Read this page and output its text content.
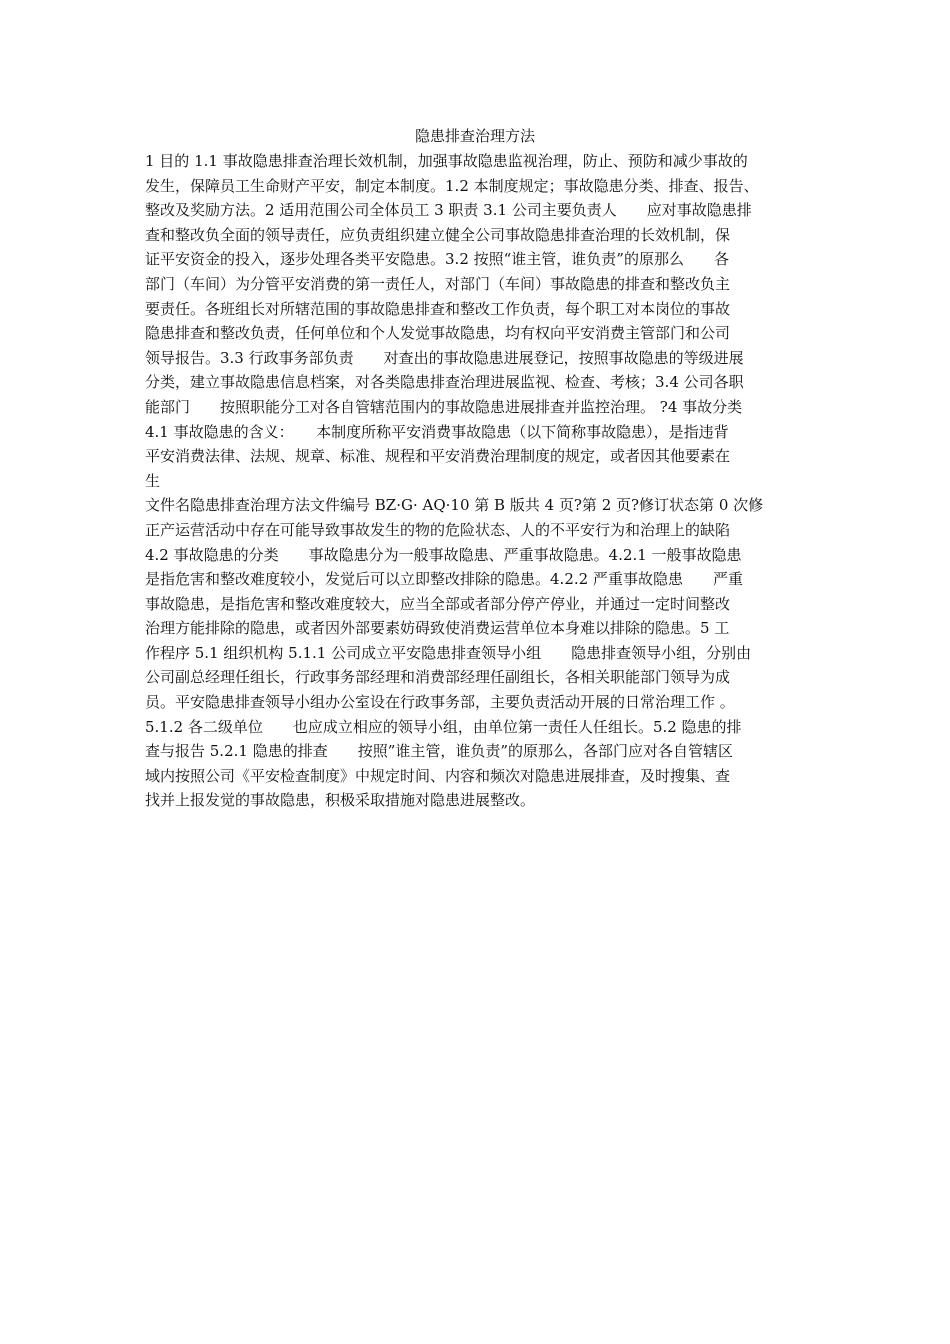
隐患排查治理方法
1 目的 1.1 事故隐患排查治理长效机制，加强事故隐患监视治理，防止、预防和减少事故的
发生，保障员工生命财产平安，制定本制度。1.2 本制度规定；事故隐患分类、排查、报告、
整改及奖励方法。2 适用范围公司全体员工 3 职责 3.1 公司主要负责人　　应对事故隐患排
查和整改负全面的领导责任，应负责组织建立健全公司事故隐患排查治理的长效机制，保
证平安资金的投入，逐步处理各类平安隐患。3.2 按照“谁主管，谁负责”的原那么　　各
部门（车间）为分管平安消费的第一责任人，对部门（车间）事故隐患的排查和整改负主
要责任。各班组长对所辖范围的事故隐患排查和整改工作负责，每个职工对本岗位的事故
隐患排查和整改负责，任何单位和个人发觉事故隐患，均有权向平安消费主管部门和公司
领导报告。3.3 行政事务部负责　　对查出的事故隐患进展登记，按照事故隐患的等级进展
分类，建立事故隐患信息档案，对各类隐患排查治理进展监视、检查、考核；3.4 公司各职
能部门　　按照职能分工对各自管辖范围内的事故隐患进展排查并监控治理。 ?4 事故分类
4.1 事故隐患的含义：　　本制度所称平安消费事故隐患（以下简称事故隐患），是指违背
平安消费法律、法规、规章、标准、规程和平安消费治理制度的规定，或者因其他要素在
生
文件名隐患排查治理方法文件编号 BZ·G· AQ·10 第 B 版共 4 页?第 2 页?修订状态第 0 次修
正产运营活动中存在可能导致事故发生的物的危险状态、人的不平安行为和治理上的缺陷
4.2 事故隐患的分类　　事故隐患分为一般事故隐患、严重事故隐患。4.2.1 一般事故隐患
是指危害和整改难度较小，发觉后可以立即整改排除的隐患。4.2.2 严重事故隐患　　严重
事故隐患，是指危害和整改难度较大，应当全部或者部分停产停业，并通过一定时间整改
治理方能排除的隐患，或者因外部要素妨碍致使消费运营单位本身难以排除的隐患。5 工
作程序 5.1 组织机构 5.1.1 公司成立平安隐患排查领导小组　　隐患排查领导小组，分别由
公司副总经理任组长，行政事务部经理和消费部经理任副组长，各相关职能部门领导为成
员。平安隐患排查领导小组办公室设在行政事务部，主要负责活动开展的日常治理工作 。
5.1.2 各二级单位　　也应成立相应的领导小组，由单位第一责任人任组长。5.2 隐患的排
查与报告 5.2.1 隐患的排查　　按照”谁主管，谁负责”的原那么，各部门应对各自管辖区
域内按照公司《平安检查制度》中规定时间、内容和频次对隐患进展排查，及时搜集、查
找并上报发觉的事故隐患，积极采取措施对隐患进展整改。
